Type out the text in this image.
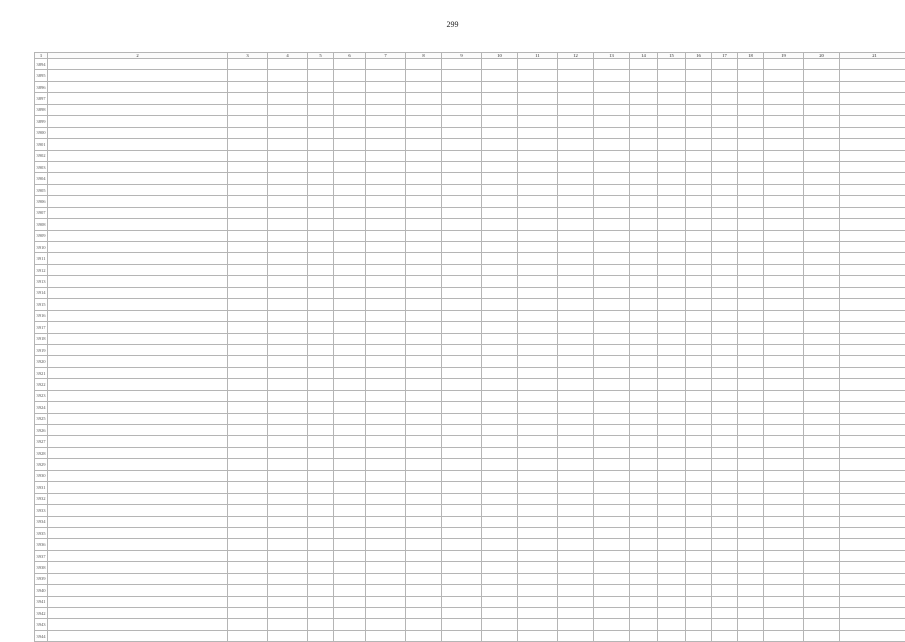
299
1	2	3	4	5	6	7	8	9	10	11	12	13	14	15	16	17	18	19	20	21
3894																				
3895																				
3896																				
3897																				
3898																				
3899																				
3900																				
3901																				
3902																				
3903																				
3904																				
3905																				
3906																				
3907																				
3908																				
3909																				
3910																				
3911																				
3912																				
3913																				
3914																				
3915																				
3916																				
3917																				
3918																				
3919																				
3920																				
3921																				
3922																				
3923																				
3924																				
3925																				
3926																				
3927																				
3928																				
3929																				
3930																				
3931																				
3932																				
3933																				
3934																				
3935																				
3936																				
3937																				
3938																				
3939																				
3940																				
3941																				
3942																				
3943																				
3944																				
